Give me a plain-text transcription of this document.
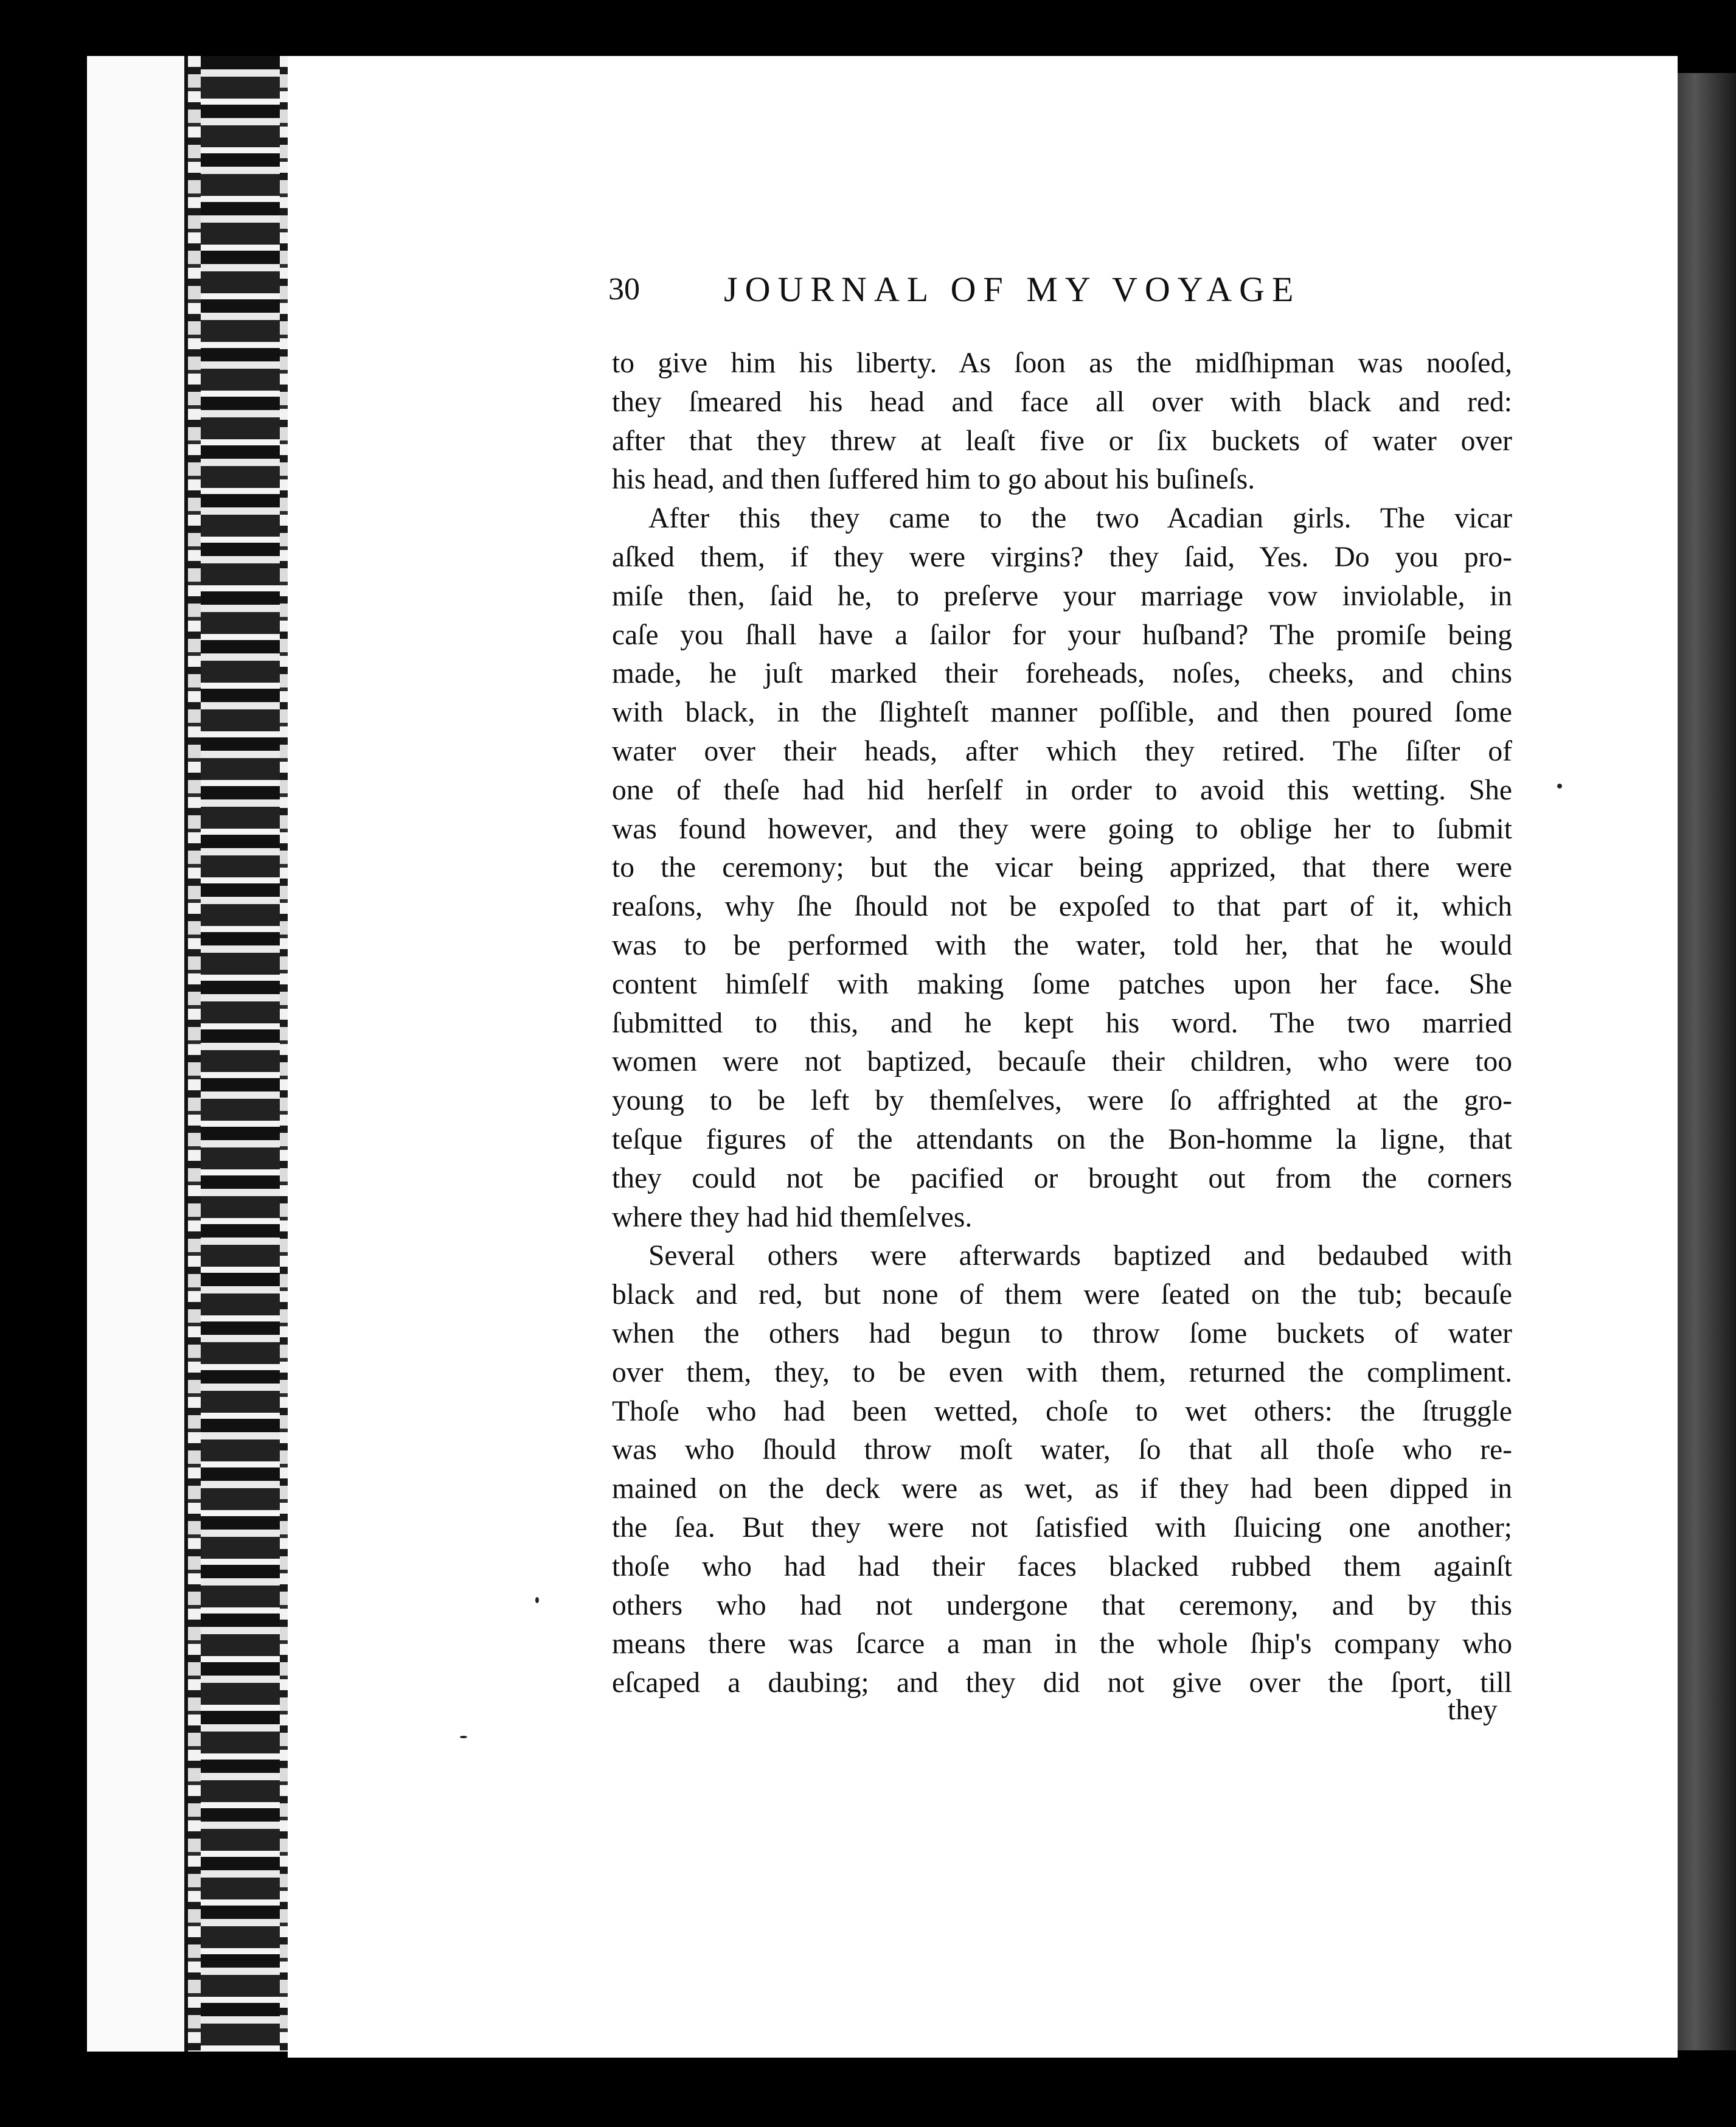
30 JOURNAL OF MY VOYAGE
to give him his liberty. As ſoon as the midſhipman was nooſed,
they ſmeared his head and face all over with black and red:
after that they threw at leaſt five or ſix buckets of water over
his head, and then ſuffered him to go about his buſineſs.
After this they came to the two Acadian girls. The vicar
aſked them, if they were virgins? they ſaid, Yes. Do you pro-
miſe then, ſaid he, to preſerve your marriage vow inviolable, in
caſe you ſhall have a ſailor for your huſband? The promiſe being
made, he juſt marked their foreheads, noſes, cheeks, and chins
with black, in the ſlighteſt manner poſſible, and then poured ſome
water over their heads, after which they retired. The ſiſter of
one of theſe had hid herſelf in order to avoid this wetting. She
was found however, and they were going to oblige her to ſubmit
to the ceremony; but the vicar being apprized, that there were
reaſons, why ſhe ſhould not be expoſed to that part of it, which
was to be performed with the water, told her, that he would
content himſelf with making ſome patches upon her face. She
ſubmitted to this, and he kept his word. The two married
women were not baptized, becauſe their children, who were too
young to be left by themſelves, were ſo affrighted at the gro-
teſque figures of the attendants on the Bon-homme la ligne, that
they could not be pacified or brought out from the corners
where they had hid themſelves.
Several others were afterwards baptized and bedaubed with
black and red, but none of them were ſeated on the tub; becauſe
when the others had begun to throw ſome buckets of water
over them, they, to be even with them, returned the compliment.
Thoſe who had been wetted, choſe to wet others: the ſtruggle
was who ſhould throw moſt water, ſo that all thoſe who re-
mained on the deck were as wet, as if they had been dipped in
the ſea. But they were not ſatisfied with ſluicing one another;
thoſe who had had their faces blacked rubbed them againſt
others who had not undergone that ceremony, and by this
means there was ſcarce a man in the whole ſhip's company who
eſcaped a daubing; and they did not give over the ſport, till
they
